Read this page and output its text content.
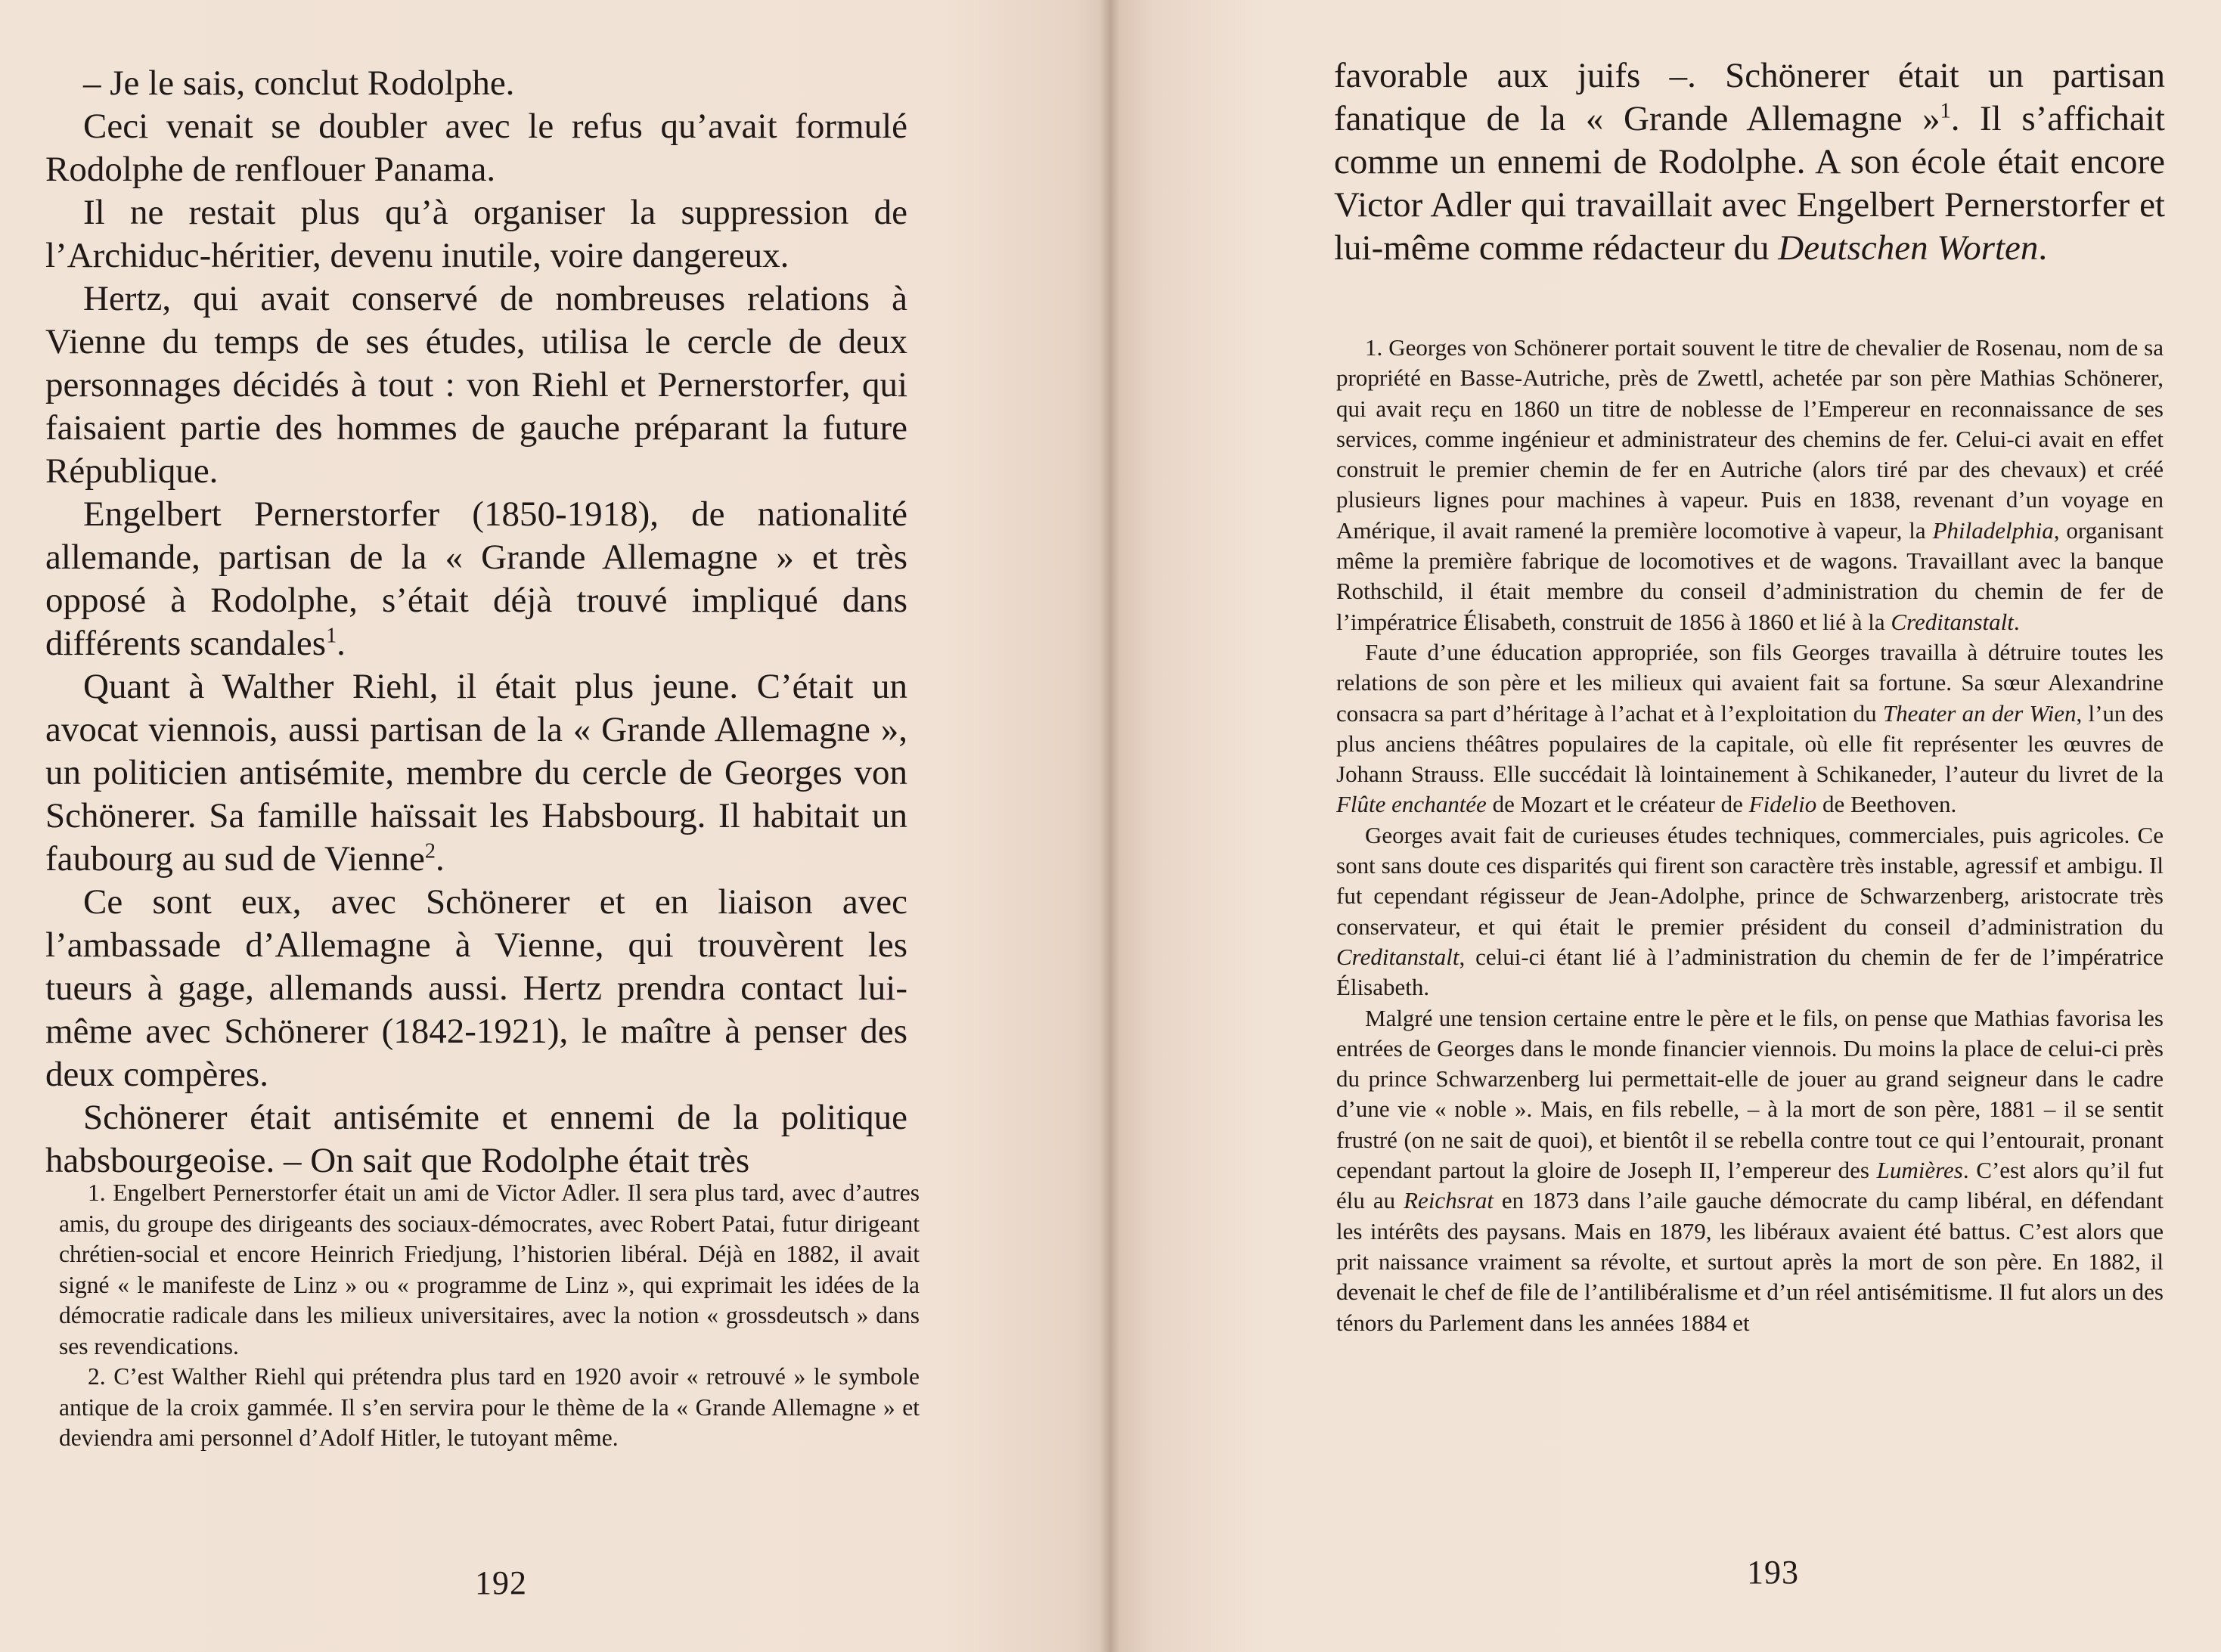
– Je le sais, conclut Rodolphe.

Ceci venait se doubler avec le refus qu’avait formulé Rodolphe de renflouer Panama.

Il ne restait plus qu’à organiser la suppression de l’Archiduc-héritier, devenu inutile, voire dangereux.

Hertz, qui avait conservé de nombreuses relations à Vienne du temps de ses études, utilisa le cercle de deux personnages décidés à tout : von Riehl et Pernerstorfer, qui faisaient partie des hommes de gauche préparant la future République.

Engelbert Pernerstorfer (1850-1918), de nationalité allemande, partisan de la « Grande Allemagne » et très opposé à Rodolphe, s’était déjà trouvé impliqué dans différents scandales$^1$.

Quant à Walther Riehl, il était plus jeune. C’était un avocat viennois, aussi partisan de la « Grande Allemagne », un politicien antisémite, membre du cercle de Georges von Schönerer. Sa famille haïssait les Habsbourg. Il habitait un faubourg au sud de Vienne$^2$.

Ce sont eux, avec Schönerer et en liaison avec l’ambassade d’Allemagne à Vienne, qui trouvèrent les tueurs à gage, allemands aussi. Hertz prendra contact lui-même avec Schönerer (1842-1921), le maître à penser des deux compères.

Schönerer était antisémite et ennemi de la politique habsbourgeoise. – On sait que Rodolphe était très

1. Engelbert Pernerstorfer était un ami de Victor Adler. Il sera plus tard, avec d’autres amis, du groupe des dirigeants des sociaux-démocrates, avec Robert Patai, futur dirigeant chrétien-social et encore Heinrich Friedjung, l’historien libéral. Déjà en 1882, il avait signé « le manifeste de Linz » ou « programme de Linz », qui exprimait les idées de la démocratie radicale dans les milieux universitaires, avec la notion « grossdeutsch » dans ses revendications.

2. C’est Walther Riehl qui prétendra plus tard en 1920 avoir « retrouvé » le symbole antique de la croix gammée. Il s’en servira pour le thème de la « Grande Allemagne » et deviendra ami personnel d’Adolf Hitler, le tutoyant même.

192

favorable aux juifs –. Schönerer était un partisan fanatique de la « Grande Allemagne »$^1$. Il s’affichait comme un ennemi de Rodolphe. A son école était encore Victor Adler qui travaillait avec Engelbert Pernerstorfer et lui-même comme rédacteur du Deutschen Worten.

1. Georges von Schönerer portait souvent le titre de chevalier de Rosenau, nom de sa propriété en Basse-Autriche, près de Zwettl, achetée par son père Mathias Schönerer, qui avait reçu en 1860 un titre de noblesse de l’Empereur en reconnaissance de ses services, comme ingénieur et administrateur des chemins de fer. Celui-ci avait en effet construit le premier chemin de fer en Autriche (alors tiré par des chevaux) et créé plusieurs lignes pour machines à vapeur. Puis en 1838, revenant d’un voyage en Amérique, il avait ramené la première locomotive à vapeur, la Philadelphia, organisant même la première fabrique de locomotives et de wagons. Travaillant avec la banque Rothschild, il était membre du conseil d’administration du chemin de fer de l’impératrice Élisabeth, construit de 1856 à 1860 et lié à la Creditanstalt.

Faute d’une éducation appropriée, son fils Georges travailla à détruire toutes les relations de son père et les milieux qui avaient fait sa fortune. Sa sœur Alexandrine consacra sa part d’héritage à l’achat et à l’exploitation du Theater an der Wien, l’un des plus anciens théâtres populaires de la capitale, où elle fit représenter les œuvres de Johann Strauss. Elle succédait là lointainement à Schikaneder, l’auteur du livret de la Flûte enchantée de Mozart et le créateur de Fidelio de Beethoven.

Georges avait fait de curieuses études techniques, commerciales, puis agricoles. Ce sont sans doute ces disparités qui firent son caractère très instable, agressif et ambigu. Il fut cependant régisseur de Jean-Adolphe, prince de Schwarzenberg, aristocrate très conservateur, et qui était le premier président du conseil d’administration du Creditanstalt, celui-ci étant lié à l’administration du chemin de fer de l’impératrice Élisabeth.

Malgré une tension certaine entre le père et le fils, on pense que Mathias favorisa les entrées de Georges dans le monde financier viennois. Du moins la place de celui-ci près du prince Schwarzenberg lui permettait-elle de jouer au grand seigneur dans le cadre d’une vie « noble ». Mais, en fils rebelle, – à la mort de son père, 1881 – il se sentit frustré (on ne sait de quoi), et bientôt il se rebella contre tout ce qui l’entourait, pronant cependant partout la gloire de Joseph II, l’empereur des Lumières. C’est alors qu’il fut élu au Reichsrat en 1873 dans l’aile gauche démocrate du camp libéral, en défendant les intérêts des paysans. Mais en 1879, les libéraux avaient été battus. C’est alors que prit naissance vraiment sa révolte, et surtout après la mort de son père. En 1882, il devenait le chef de file de l’antilibéralisme et d’un réel antisémitisme. Il fut alors un des ténors du Parlement dans les années 1884 et

193
